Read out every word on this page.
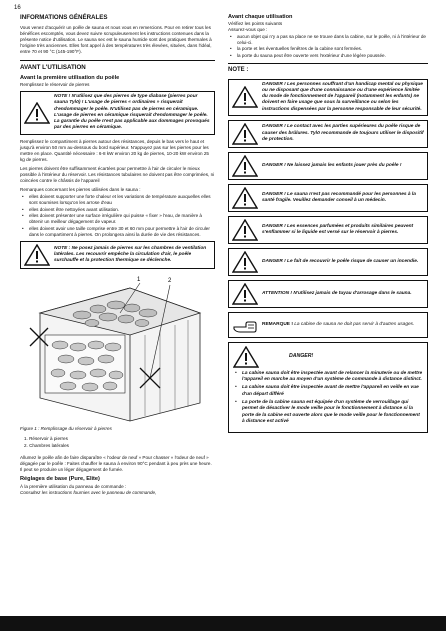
16
INFORMATIONS GÉNÉRALES

Vous venez d'acquérir un poêle de sauna et nous vous en remercions. Pour en retirer tous les bénéfices escomptés, vous devez suivre scrupuleusement les instructions contenues dans la présente notice d'utilisation. Le sauna sec est le sauna humide sont des pratiques thermales à l'origine très anciennes. Elles font appel à des températures très élevées, situées, dans l'idéal, entre 70 et 90 °C (145-190°F).

AVANT L'UTILISATION
Avant la première utilisation du poêle

Remplissez le réservoir de pierres

NOTE ! N'utilisez que des pierres de type diabase (pierres pour sauna Tylö) ! L'usage de pierres « ordinaires » risquerait d'endommager le poêle. N'utilisez pas de pierres en céramique. L'usage de pierres en céramique risquerait d'endommager le poêle. La garantie du poêle n'est pas applicable aux dommages provoqués par des pierres en céramique.

Remplissez le compartiment à pierres autour des résistances, depuis le bas vers le haut et jusqu'à environ 50 mm au-dessous du bord supérieur. N'appuyez pas sur les pierres pour les mettre en place. Quantité nécessaire : 6-8 kW environ 20 kg de pierres, 10-20 kW environ 25 kg de pierres.

Les pierres doivent être suffisamment écartées pour permettre à l'air de circuler le mieux possible à l'intérieur du réservoir. Les résistances tubulaires ne doivent pas être comprimées, ni coincées contre le châssis de l'appareil

Remarques concernant les pierres utilisées dans le sauna :

• elles doivent supporter une forte chaleur et les variations de température auxquelles elles sont soumises lorsqu'on les arrose d'eau
• elles doivent être nettoyées avant utilisation.
• elles doivent présenter une surface irrégulière qui puisse « fixer » l'eau, de manière à obtenir un meilleur dégagement de vapeur.
• elles doivent avoir une taille comprise entre 30 et 60 mm pour permettre à l'air de circuler dans le compartiment à pierres. Οn prolongera ainsi la durée de vie des résistances.
NOTE : Ne posez jamais de pierres sur les chambres de ventilation latérales. Les recouvrir empêche la circulation d'air, le poêle surchauffe et la protection thermique se déclenche.
1	2
Figure 1 : Remplissage du réservoir à pierres
1. Réservoir à pierres
2. Chambres latérales

Allumez le poêle afin de faire disparaître « l'odeur de neuf » Pour chasser « l'odeur de neuf » dégagée par le poêle : Faites chauffer le sauna à environ 90°C pendant à peu près une heure. Il peut se produire un léger dégagement de fumée.

Réglages de base (Pure, Elite)
À la première utilisation du panneau de commande :
Consultez les instructions fournies avec le panneau de commande,
Avant chaque utilisation
Vérifiez les points suivants
Assurez-vous que :
• aucun objet qui n'y a pas sa place ne se trouve dans la cabine, sur le poêle, ni à l'intérieur de celui-ci.
• la porte et les éventuelles fenêtres de la cabine sont fermées.
• la porte du sauna peut être ouverte vers l'extérieur d'une légère poussée.
NOTE :
DANGER ! Les personnes souffrant d'un handicap mental ou physique ou ne disposant que d'une connaissance ou d'une expérience limitée du mode de fonctionnement de l'appareil (notamment les enfants) ne doivent en faire usage que sous la surveillance ou selon les instructions dispensées par la personne responsable de leur sécurité.
DANGER ! Le contact avec les parties supérieures du poêle risque de causer des brûlures. Tylö recommande de toujours utiliser le dispositif de protection.
DANGER ! Ne laissez jamais les enfants jouer près du poêle !
DANGER ! Le sauna n'est pas recommandé pour les personnes à la santé fragile. Veuillez demander conseil à un médecin.
DANGER ! Les essences parfumées et produits similaires peuvent s'enflammer si le liquide est versé sur le réservoir à pierres.
DANGER ! Le fait de recouvrir le poêle risque de causer un incendie.
ATTENTION ! N'utilisez jamais de tuyau d'arrosage dans le sauna.
REMARQUE ! La cabine de sauna ne doit pas servir à d'autres usages.
DANGER!
• La cabine sauna doit être inspectée avant de relancer la minuterie ou de mettre l'appareil en marche au moyen d'un système de commande à distance distinct.
• La cabine sauna doit être inspectée avant de mettre l'appareil en veille en vue d'un départ différé
• La porte de la cabine sauna est équipée d'un système de verrouillage qui permet de désactiver le mode veille pour le fonctionnement à distance si la porte de la cabine est ouverte alors que le mode veille pour le fonctionnement à distance est activé
